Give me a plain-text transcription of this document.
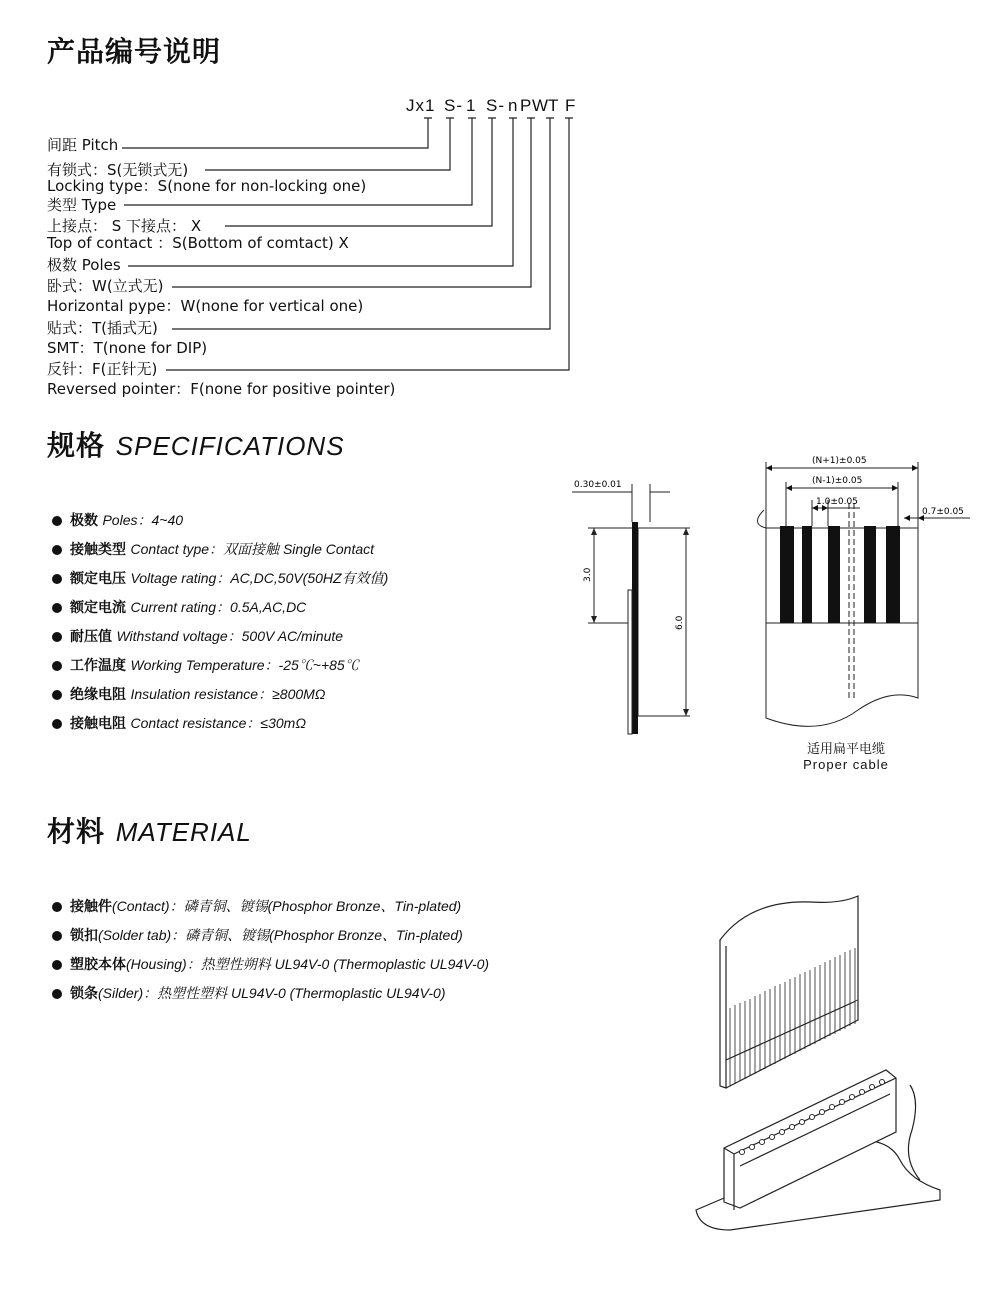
产品编号说明
Jx1 S- 1 S- n P W
T F
间距 Pitch
有锁式：S(无锁式无)
Locking type：S(none for non-locking one)
类型 Type
上接点： S 下接点： X
Top of contact ：S(Bottom of comtact) X
极数 Poles
卧式：W(立式无)
Horizontal pype：W(none for vertical one)
贴式：T(插式无)
SMT：T(none for DIP)
反针：F(正针无)
Reversed pointer：F(none for positive pointer)
规格 SPECIFICATIONS
极数 Poles：4~40
接触类型 Contact type：双面接触 Single Contact
额定电压 Voltage rating：AC,DC,50V(50HZ有效值)
额定电流 Current rating：0.5A,AC,DC
耐压值 Withstand voltage：500V AC/minute
工作温度 Working Temperature：-25℃~+85℃
绝缘电阻 Insulation resistance：≥800MΩ
接触电阻 Contact resistance：≤30mΩ
0.30±0.01
3.0
6.0
(N+1)±0.05
(N-1)±0.05
1.0±0.05
0.7±0.05
适用扁平电缆
Proper cable
材料 MATERIAL
接触件(Contact)：磷青铜、镀锡(Phosphor Bronze、Tin-plated)
锁扣(Solder tab)：磷青铜、镀锡(Phosphor Bronze、Tin-plated)
塑胶本体(Housing)：热塑性朔料 UL94V-0 (Thermoplastic UL94V-0)
锁条(Silder)：热塑性塑料 UL94V-0 (Thermoplastic UL94V-0)
